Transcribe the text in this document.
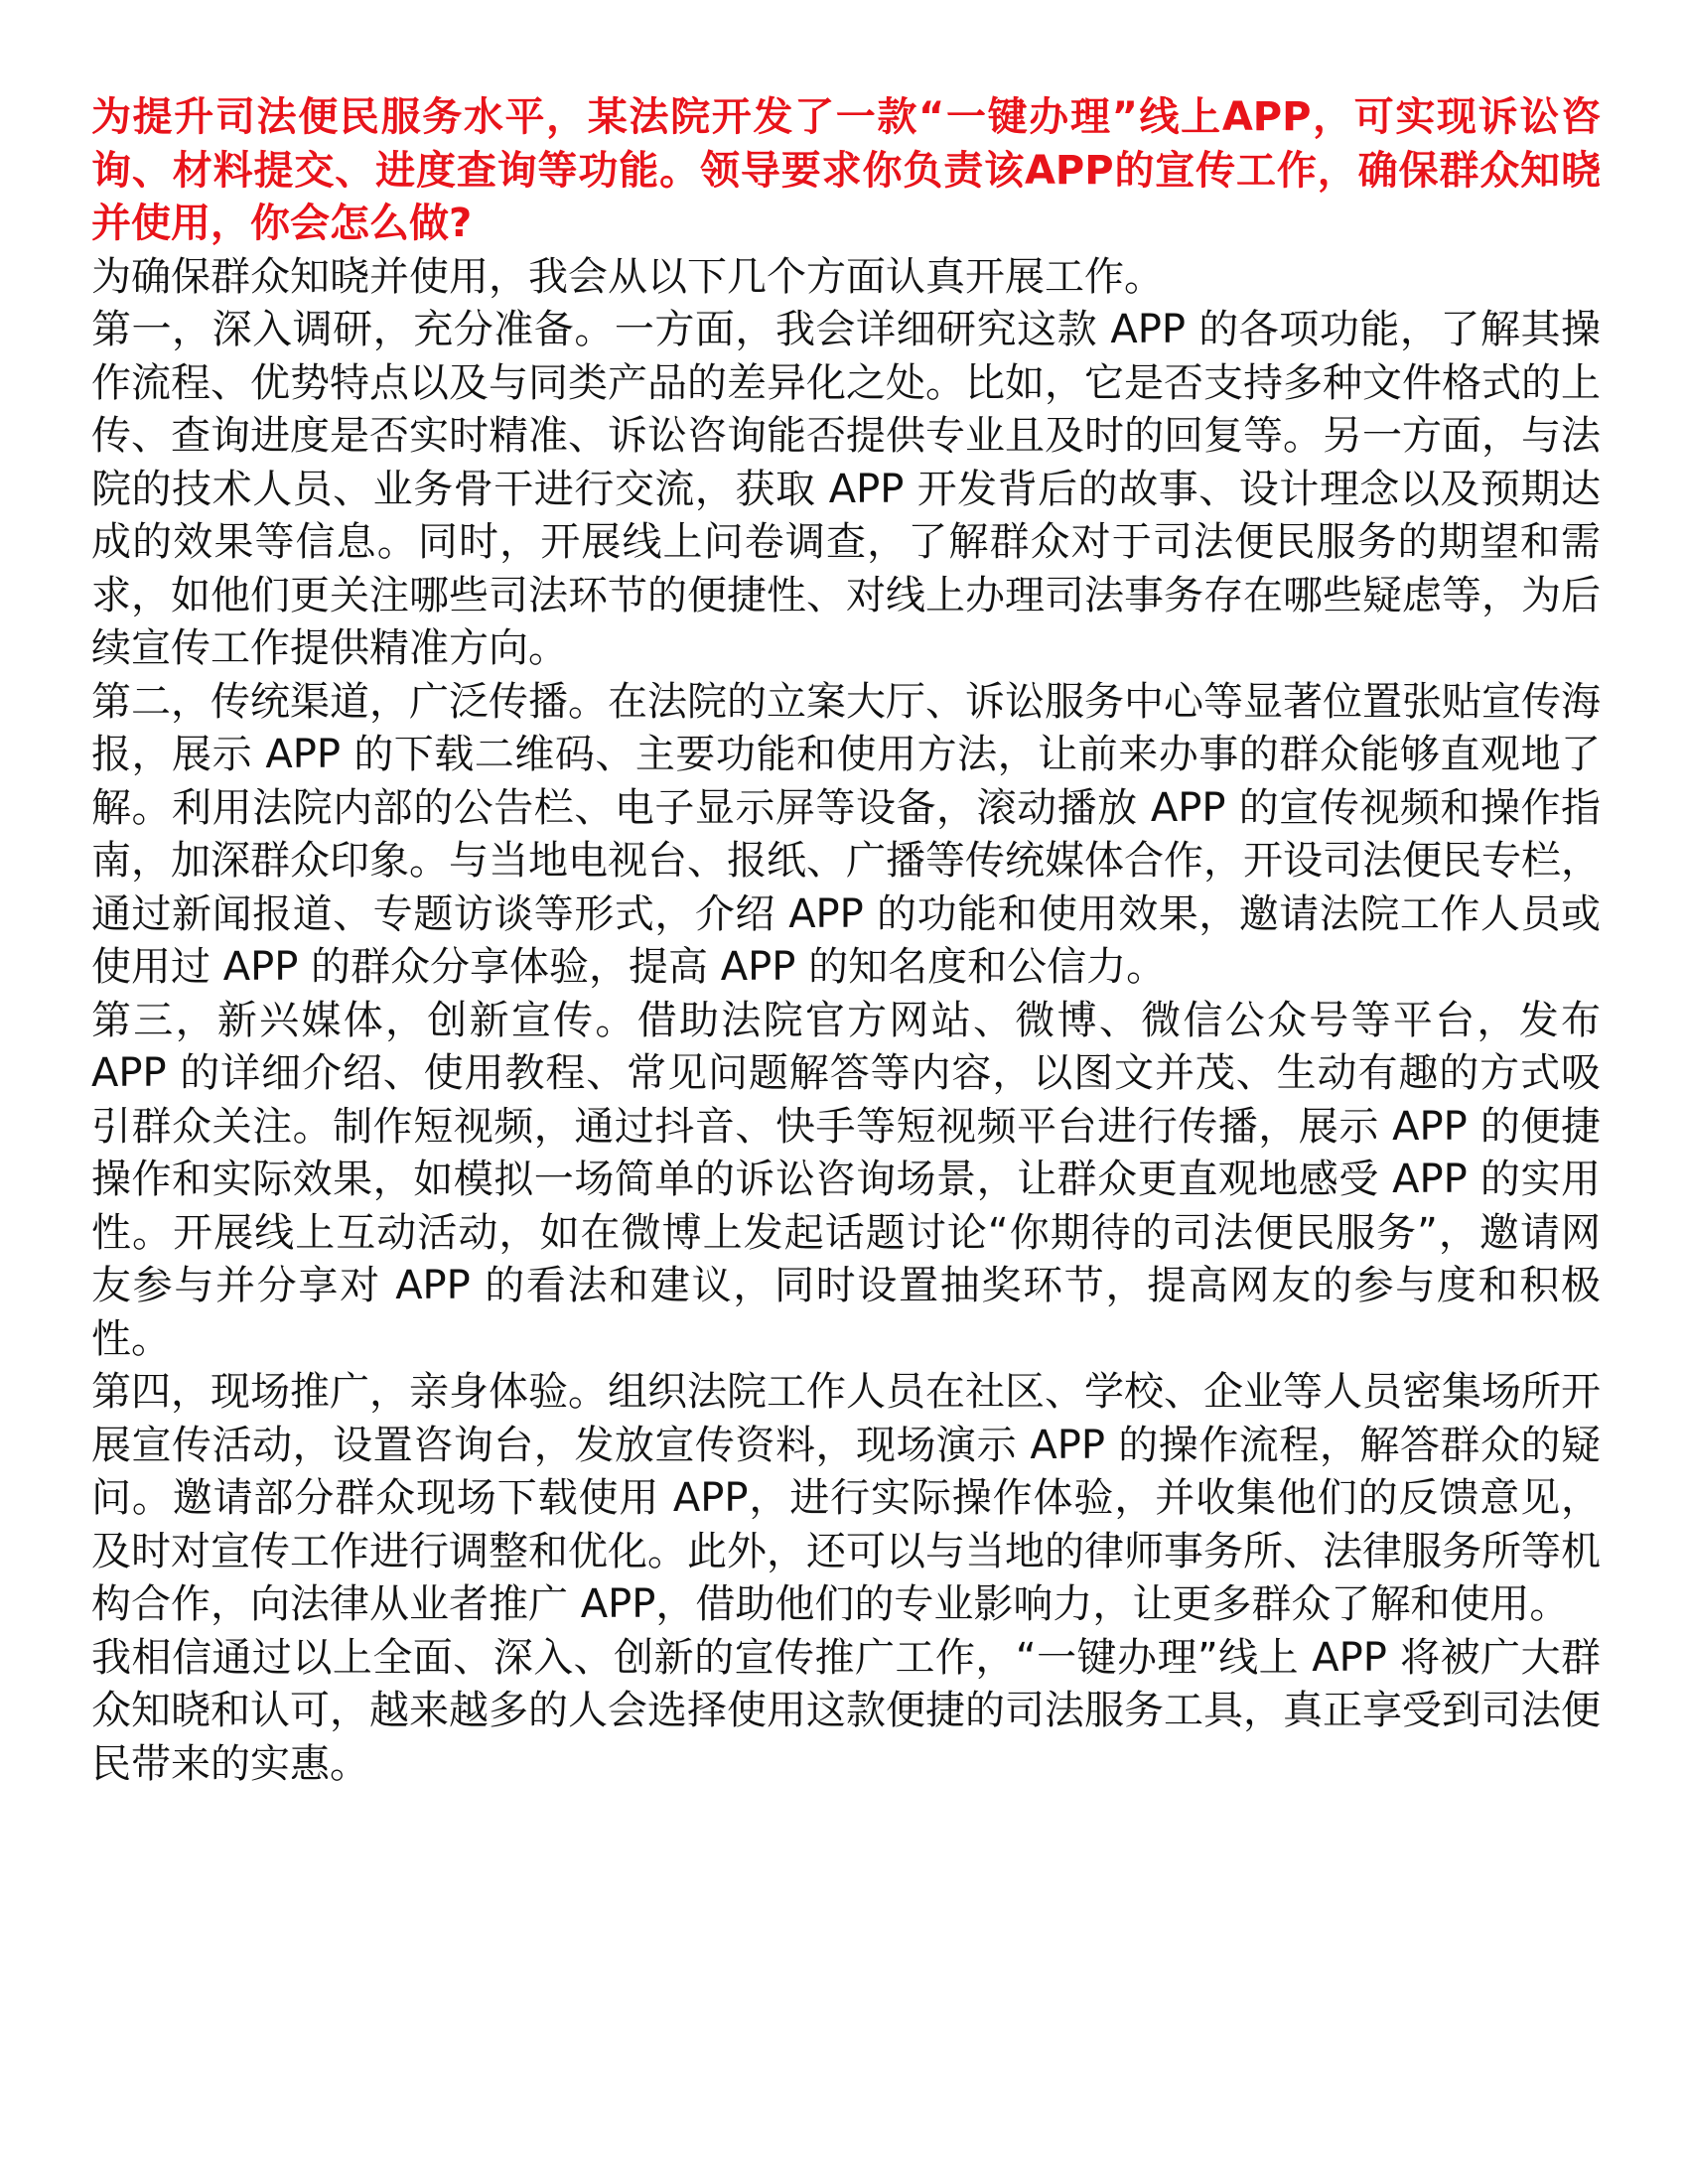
为提升司法便民服务水平，某法院开发了一款“一键办理”线上APP，可实现诉讼咨询、材料提交、进度查询等功能。领导要求你负责该APP的宣传工作，确保群众知晓并使用，你会怎么做?

为确保群众知晓并使用，我会从以下几个方面认真开展工作。

第一，深入调研，充分准备。一方面，我会详细研究这款 APP 的各项功能，了解其操作流程、优势特点以及与同类产品的差异化之处。比如，它是否支持多种文件格式的上传、查询进度是否实时精准、诉讼咨询能否提供专业且及时的回复等。另一方面，与法院的技术人员、业务骨干进行交流，获取 APP 开发背后的故事、设计理念以及预期达成的效果等信息。同时，开展线上问卷调查，了解群众对于司法便民服务的期望和需求，如他们更关注哪些司法环节的便捷性、对线上办理司法事务存在哪些疑虑等，为后续宣传工作提供精准方向。

第二，传统渠道，广泛传播。在法院的立案大厅、诉讼服务中心等显著位置张贴宣传海报，展示 APP 的下载二维码、主要功能和使用方法，让前来办事的群众能够直观地了解。利用法院内部的公告栏、电子显示屏等设备，滚动播放 APP 的宣传视频和操作指南，加深群众印象。与当地电视台、报纸、广播等传统媒体合作，开设司法便民专栏，通过新闻报道、专题访谈等形式，介绍 APP 的功能和使用效果，邀请法院工作人员或使用过 APP 的群众分享体验，提高 APP 的知名度和公信力。

第三，新兴媒体，创新宣传。借助法院官方网站、微博、微信公众号等平台，发布 APP 的详细介绍、使用教程、常见问题解答等内容，以图文并茂、生动有趣的方式吸引群众关注。制作短视频，通过抖音、快手等短视频平台进行传播，展示 APP 的便捷操作和实际效果，如模拟一场简单的诉讼咨询场景，让群众更直观地感受 APP 的实用性。开展线上互动活动，如在微博上发起话题讨论“你期待的司法便民服务”，邀请网友参与并分享对 APP 的看法和建议，同时设置抽奖环节，提高网友的参与度和积极性。

第四，现场推广，亲身体验。组织法院工作人员在社区、学校、企业等人员密集场所开展宣传活动，设置咨询台，发放宣传资料，现场演示 APP 的操作流程，解答群众的疑问。邀请部分群众现场下载使用 APP，进行实际操作体验，并收集他们的反馈意见，及时对宣传工作进行调整和优化。此外，还可以与当地的律师事务所、法律服务所等机构合作，向法律从业者推广 APP，借助他们的专业影响力，让更多群众了解和使用。

我相信通过以上全面、深入、创新的宣传推广工作，“一键办理”线上 APP 将被广大群众知晓和认可，越来越多的人会选择使用这款便捷的司法服务工具，真正享受到司法便民带来的实惠。
